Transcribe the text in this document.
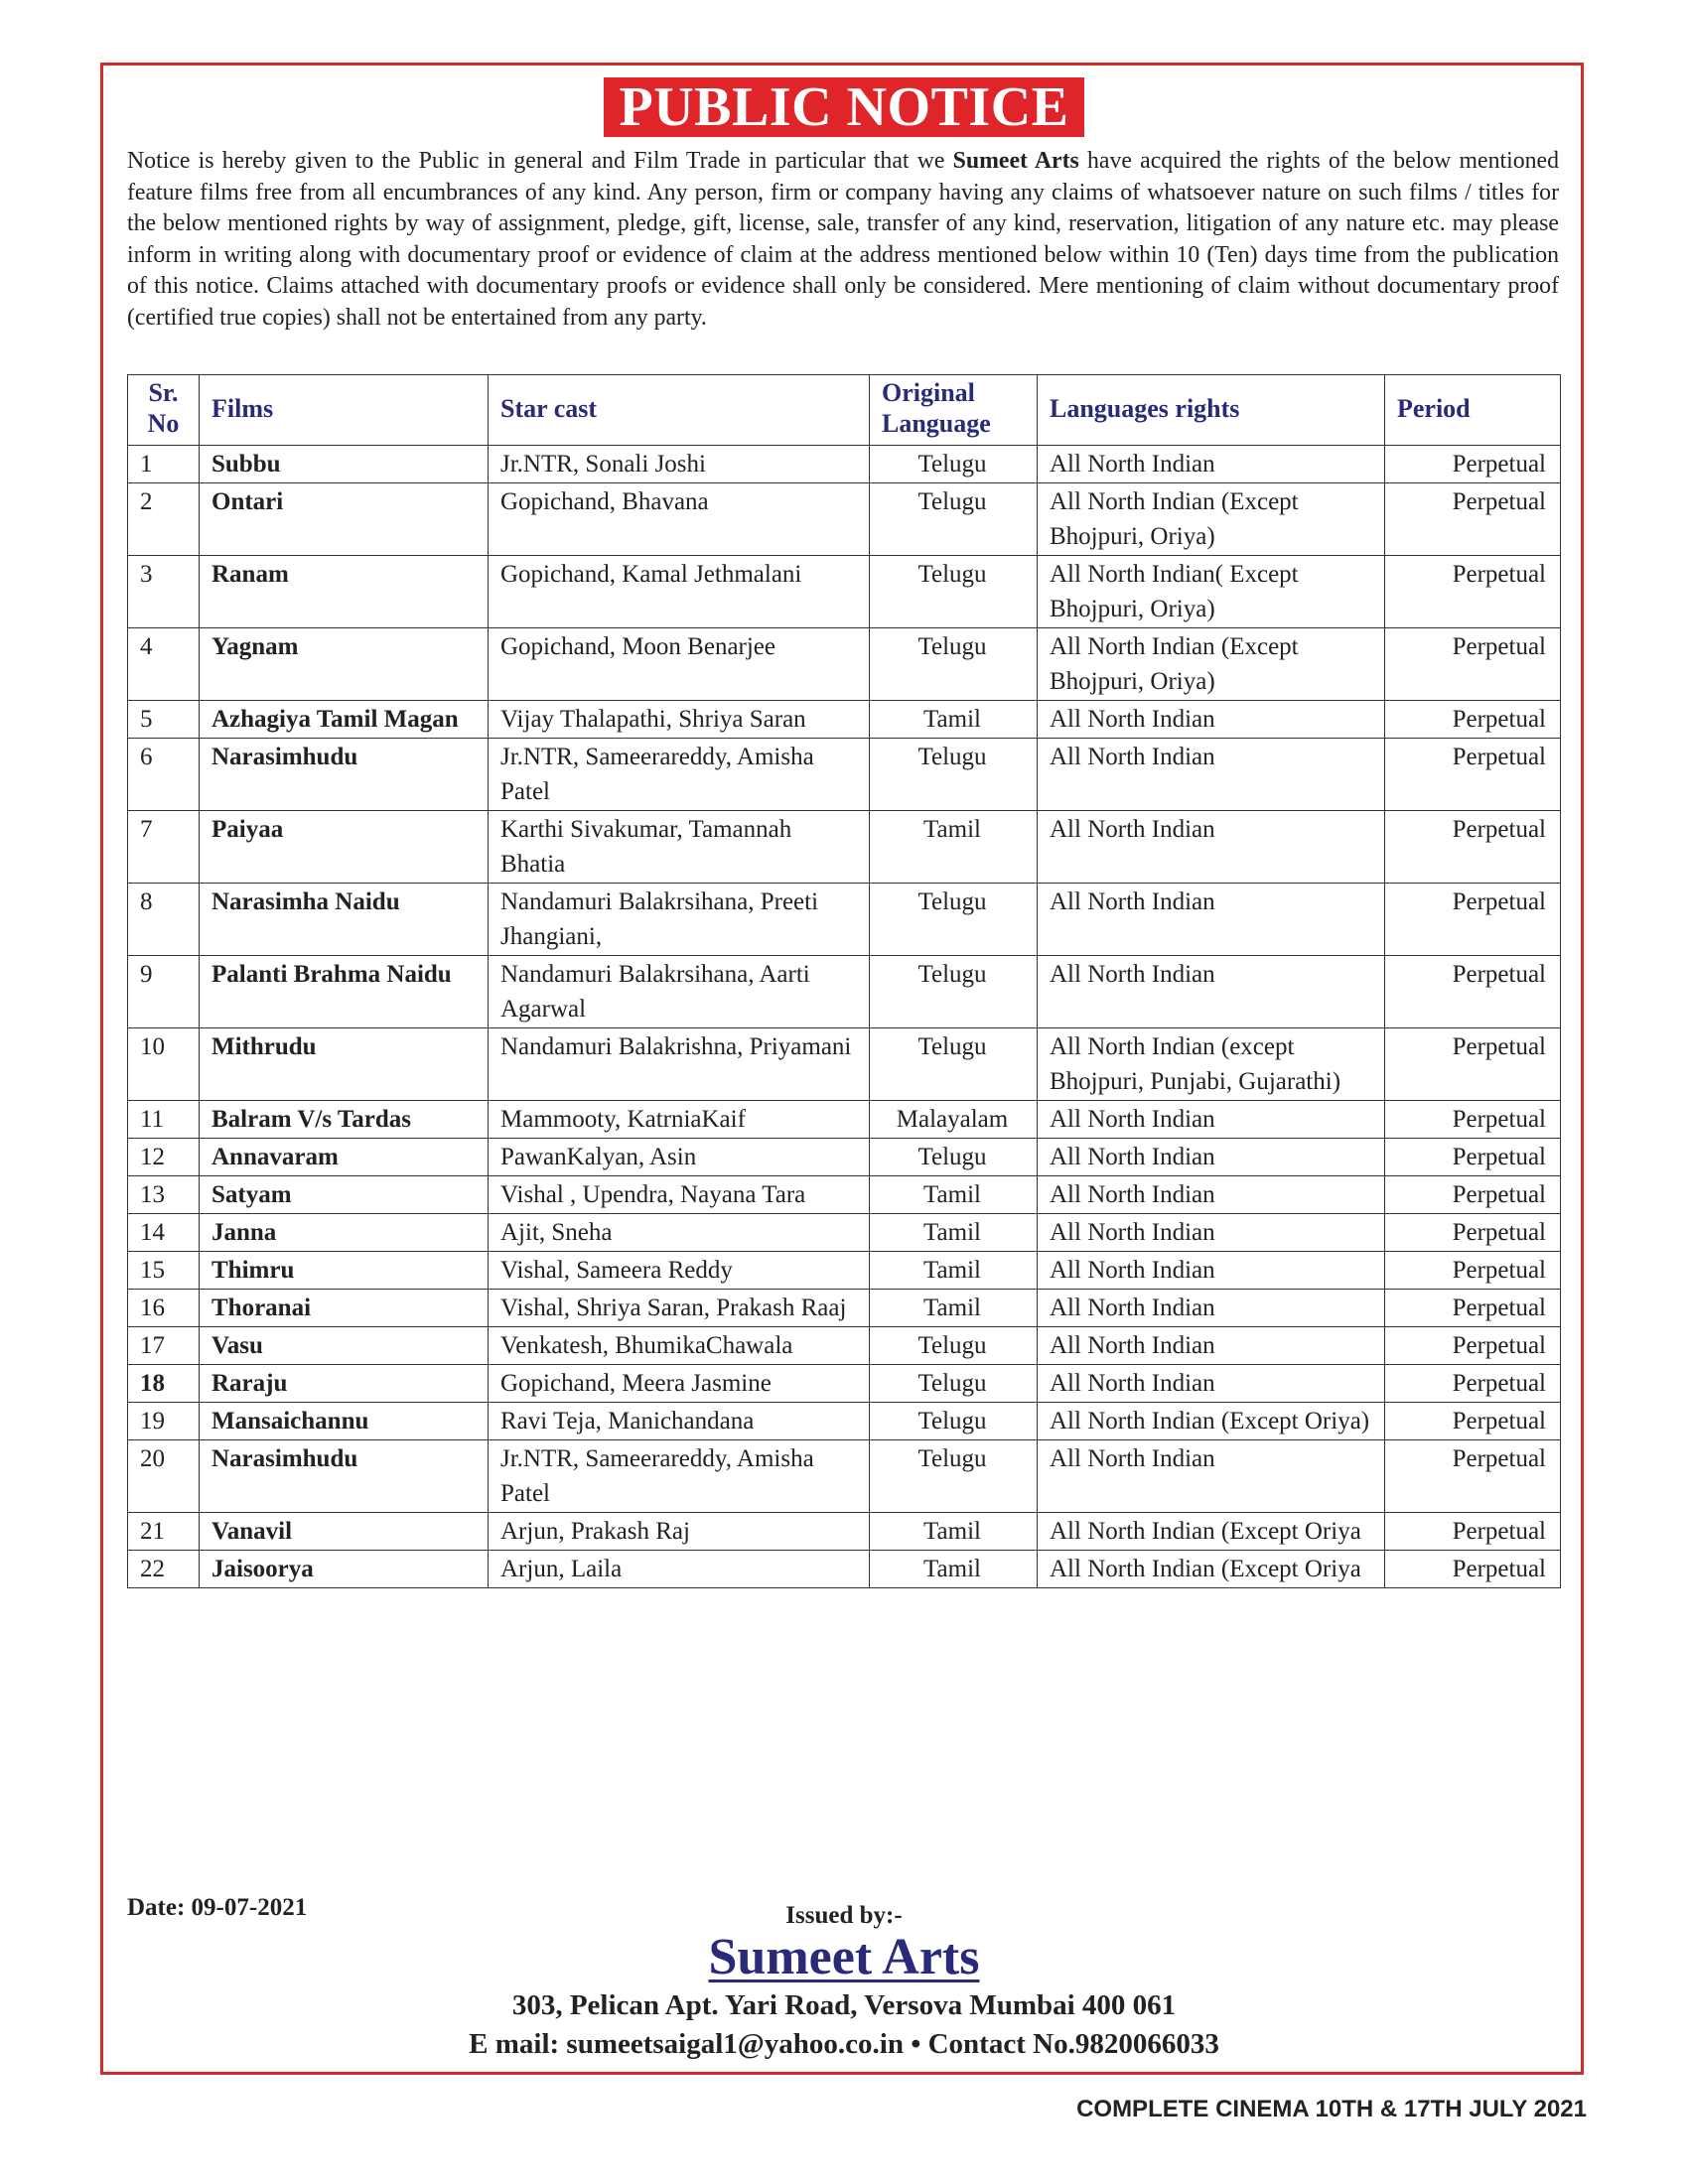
PUBLIC NOTICE

Notice is hereby given to the Public in general and Film Trade in particular that we Sumeet Arts have acquired the rights of the below mentioned feature films free from all encumbrances of any kind. Any person, firm or company having any claims of whatsoever nature on such films / titles for the below mentioned rights by way of assignment, pledge, gift, license, sale, transfer of any kind, reservation, litigation of any nature etc. may please inform in writing along with documentary proof or evidence of claim at the address mentioned below within 10 (Ten) days time from the publication of this notice. Claims attached with documentary proofs or evidence shall only be considered. Mere mentioning of claim without documentary proof (certified true copies) shall not be entertained from any party.

Sr. No	Films	Star cast	Original Language	Languages rights	Period
1	Subbu	Jr.NTR, Sonali Joshi	Telugu	All North Indian	Perpetual
2	Ontari	Gopichand, Bhavana	Telugu	All North Indian (Except Bhojpuri, Oriya)	Perpetual
3	Ranam	Gopichand, Kamal Jethmalani	Telugu	All North Indian( Except Bhojpuri, Oriya)	Perpetual
4	Yagnam	Gopichand, Moon Benarjee	Telugu	All North Indian (Except Bhojpuri, Oriya)	Perpetual
5	Azhagiya Tamil Magan	Vijay Thalapathi, Shriya Saran	Tamil	All North Indian	Perpetual
6	Narasimhudu	Jr.NTR, Sameerareddy, Amisha Patel	Telugu	All North Indian	Perpetual
7	Paiyaa	Karthi Sivakumar, Tamannah Bhatia	Tamil	All North Indian	Perpetual
8	Narasimha Naidu	Nandamuri Balakrsihana, Preeti Jhangiani,	Telugu	All North Indian	Perpetual
9	Palanti Brahma Naidu	Nandamuri Balakrsihana, Aarti Agarwal	Telugu	All North Indian	Perpetual
10	Mithrudu	Nandamuri Balakrishna, Priyamani	Telugu	All North Indian (except Bhojpuri, Punjabi, Gujarathi)	Perpetual
11	Balram V/s Tardas	Mammooty, KatrniaKaif	Malayalam	All North Indian	Perpetual
12	Annavaram	PawanKalyan, Asin	Telugu	All North Indian	Perpetual
13	Satyam	Vishal , Upendra, Nayana Tara	Tamil	All North Indian	Perpetual
14	Janna	Ajit, Sneha	Tamil	All North Indian	Perpetual
15	Thimru	Vishal, Sameera Reddy	Tamil	All North Indian	Perpetual
16	Thoranai	Vishal, Shriya Saran, Prakash Raaj	Tamil	All North Indian	Perpetual
17	Vasu	Venkatesh, BhumikaChawala	Telugu	All North Indian	Perpetual
18	Raraju	Gopichand, Meera Jasmine	Telugu	All North Indian	Perpetual
19	Mansaichannu	Ravi Teja, Manichandana	Telugu	All North Indian (Except Oriya)	Perpetual
20	Narasimhudu	Jr.NTR, Sameerareddy, Amisha Patel	Telugu	All North Indian	Perpetual
21	Vanavil	Arjun, Prakash Raj	Tamil	All North Indian (Except Oriya	Perpetual
22	Jaisoorya	Arjun, Laila	Tamil	All North Indian (Except Oriya	Perpetual
Date: 09-07-2021	Issued by:-
Sumeet Arts
303, Pelican Apt. Yari Road, Versova Mumbai 400 061
E mail: sumeetsaigal1@yahoo.co.in • Contact No.9820066033
COMPLETE CINEMA 10TH & 17TH JULY 2021
